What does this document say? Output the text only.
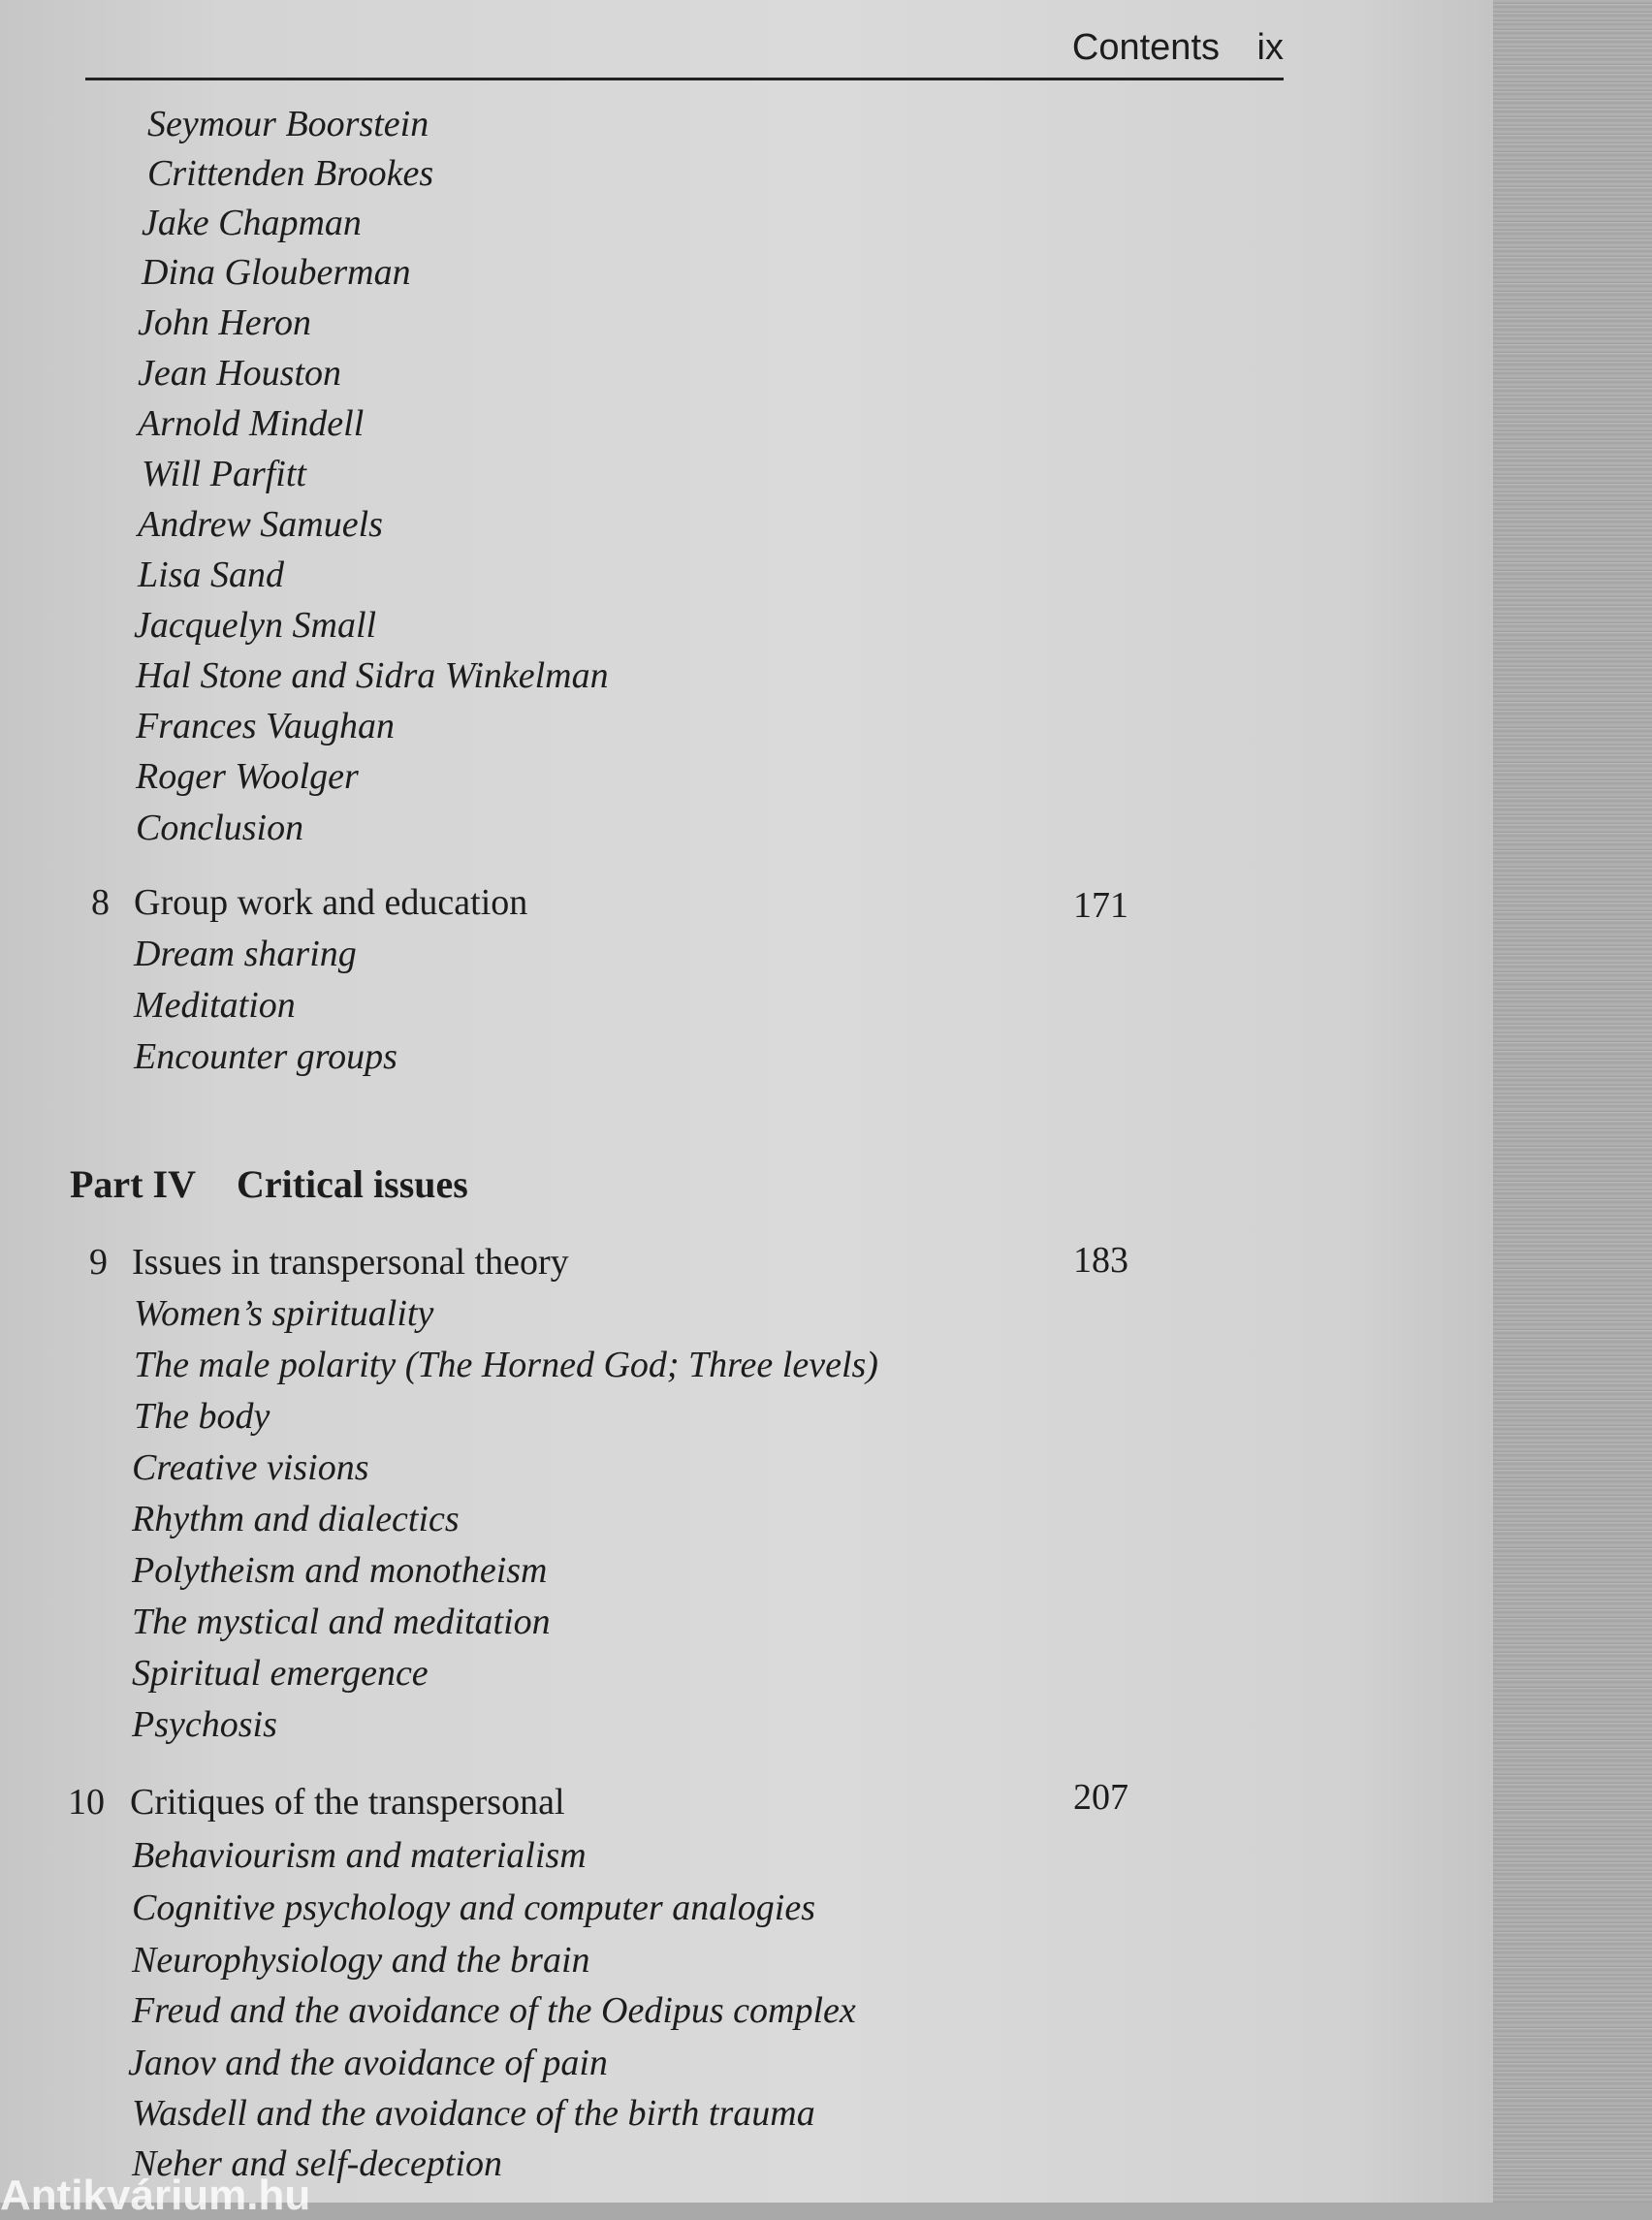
Contents ix
Seymour Boorstein
Crittenden Brookes
Jake Chapman
Dina Glouberman
John Heron
Jean Houston
Arnold Mindell
Will Parfitt
Andrew Samuels
Lisa Sand
Jacquelyn Small
Hal Stone and Sidra Winkelman
Frances Vaughan
Roger Woolger
Conclusion
8 Group work and education	171
Dream sharing
Meditation
Encounter groups
Part IV Critical issues
9 Issues in transpersonal theory	183
Women’s spirituality
The male polarity (The Horned God; Three levels)
The body
Creative visions
Rhythm and dialectics
Polytheism and monotheism
The mystical and meditation
Spiritual emergence
Psychosis
10 Critiques of the transpersonal	207
Behaviourism and materialism
Cognitive psychology and computer analogies
Neurophysiology and the brain
Freud and the avoidance of the Oedipus complex
Janov and the avoidance of pain
Wasdell and the avoidance of the birth trauma
Neher and self-deception
Antikvárium.hu
